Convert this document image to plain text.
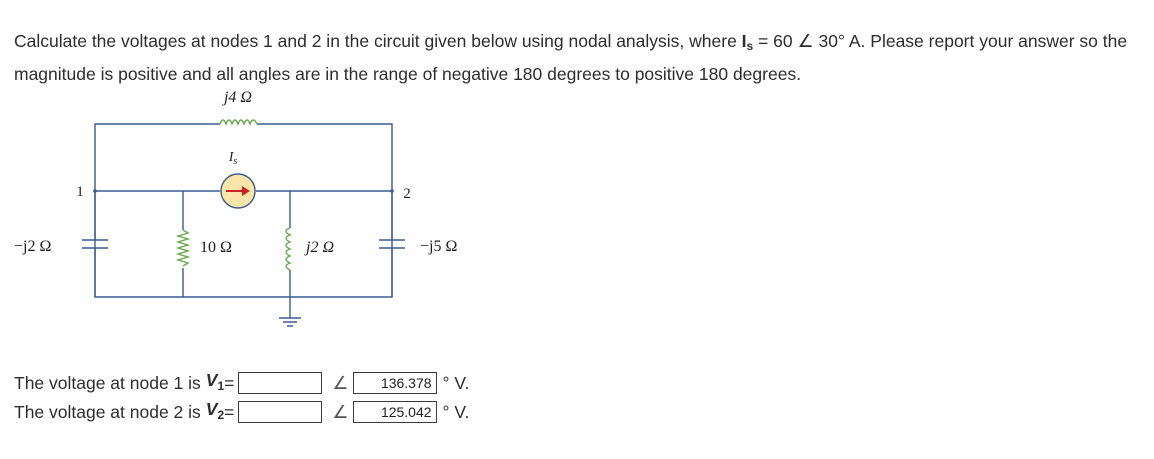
Calculate the voltages at nodes 1 and 2 in the circuit given below using nodal analysis, where $I_s = 60$ ∠ 30° A. Please report your answer so the magnitude is positive and all angles are in the range of negative 180 degrees to positive 180 degrees.

j4 Ω
$I_s$
1	2
−j2 Ω	10 Ω	j2 Ω	−j5 Ω
The voltage at node 1 is $V_1$ =	∠
136.378	° V.
The voltage at node 2 is $V_2$ =	∠
125.042	° V.
